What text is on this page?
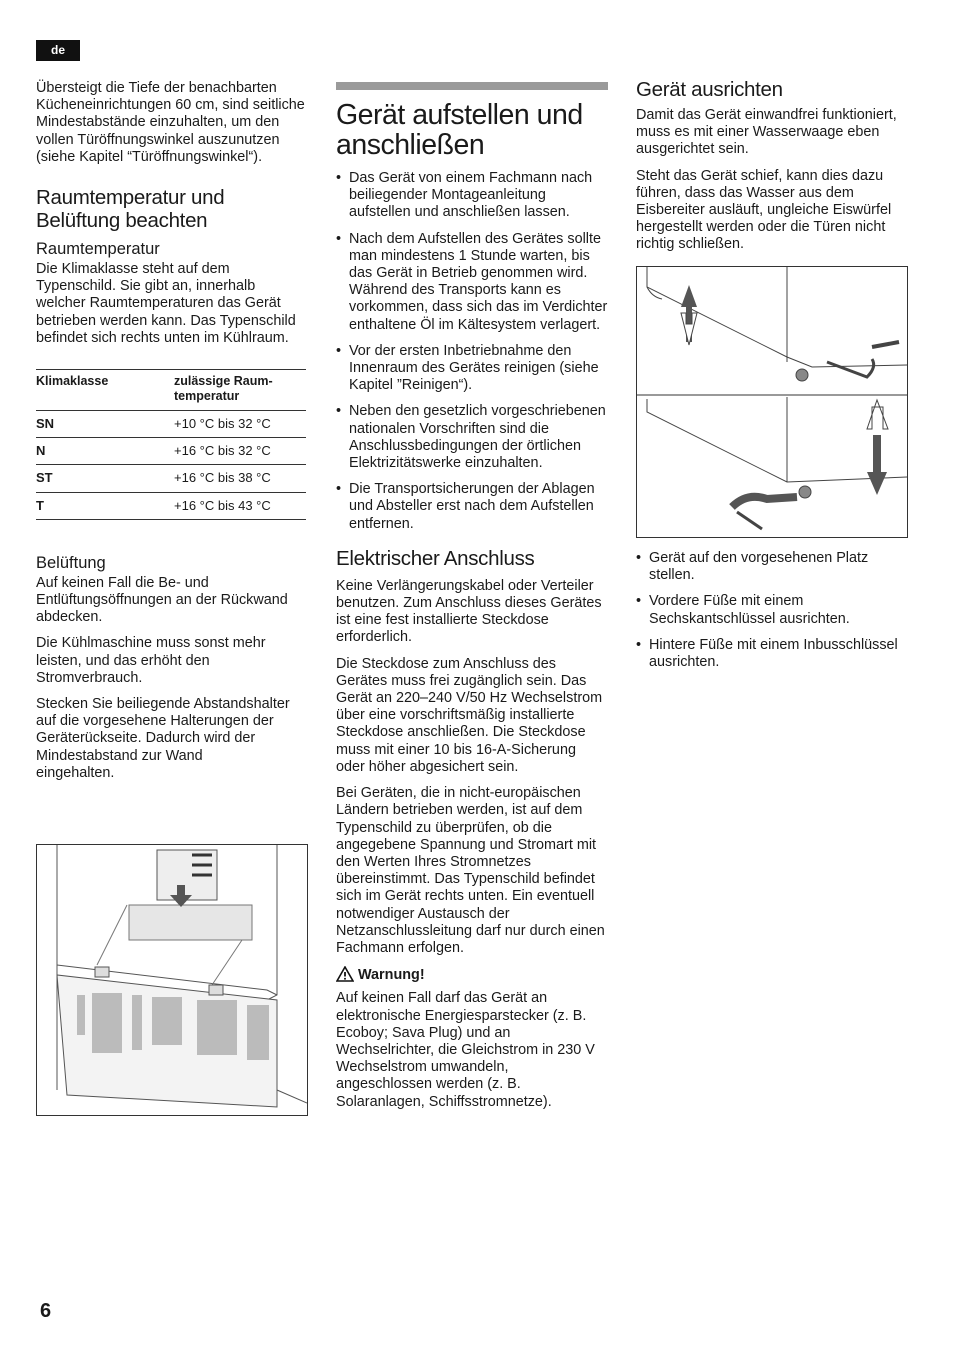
de

Übersteigt die Tiefe der benachbarten Kücheneinrichtungen 60 cm, sind seitliche Mindestabstände einzuhalten, um den vollen Türöffnungswinkel auszunutzen (siehe Kapitel “Türöffnungswinkel“).

Raumtemperatur und Belüftung beachten
Raumtemperatur

Die Klimaklasse steht auf dem Typenschild. Sie gibt an, innerhalb welcher Raumtemperaturen das Gerät betrieben werden kann. Das Typenschild befindet sich rechts unten im Kühlraum.

Klimaklasse	zulässige Raum-
temperatur
SN	+10 °C bis 32 °C
N	+16 °C bis 32 °C
ST	+16 °C bis 38 °C
T	+16 °C bis 43 °C
Belüftung

Auf keinen Fall die Be- und Entlüftungsöffnungen an der Rückwand abdecken.

Die Kühlmaschine muss sonst mehr leisten, und das erhöht den Stromverbrauch.

Stecken Sie beiliegende Abstandshalter auf die vorgesehene Halterungen der Geräterückseite. Dadurch wird der Mindestabstand zur Wand
eingehalten.

Gerät aufstellen und
anschließen
• Das Gerät von einem Fachmann nach beiliegender Montageanleitung aufstellen und anschließen lassen.
• Nach dem Aufstellen des Gerätes sollte man mindestens 1 Stunde warten, bis das Gerät in Betrieb genommen wird. Während des Transports kann es vorkommen, dass sich das im Verdichter enthaltene Öl im Kältesystem verlagert.
• Vor der ersten Inbetriebnahme den Innenraum des Gerätes reinigen (siehe Kapitel ”Reinigen“).
• Neben den gesetzlich vorgeschriebenen nationalen Vorschriften sind die Anschlussbedingungen der örtlichen Elektrizitätswerke einzuhalten.
• Die Transportsicherungen der Ablagen und Absteller erst nach dem Aufstellen entfernen.
Elektrischer Anschluss

Keine Verlängerungskabel oder Verteiler benutzen. Zum Anschluss dieses Gerätes ist eine fest installierte Steckdose erforderlich.

Die Steckdose zum Anschluss des Gerätes muss frei zugänglich sein. Das Gerät an 220–240 V/50 Hz Wechselstrom über eine vorschriftsmäßig installierte Steckdose anschließen. Die Steckdose muss mit einer 10 bis 16-A-Sicherung oder höher abgesichert sein.

Bei Geräten, die in nicht-europäischen Ländern betrieben werden, ist auf dem Typenschild zu überprüfen, ob die angegebene Spannung und Stromart mit den Werten Ihres Stromnetzes übereinstimmt. Das Typenschild befindet sich im Gerät rechts unten. Ein eventuell notwendiger Austausch der Netzanschlussleitung darf nur durch einen Fachmann erfolgen.

Warnung!

Auf keinen Fall darf das Gerät an elektronische Energiesparstecker (z. B. Ecoboy; Sava Plug) und an Wechselrichter, die Gleichstrom in 230 V Wechselstrom umwandeln, angeschlossen werden (z. B. Solaranlagen, Schiffsstromnetze).

Gerät ausrichten

Damit das Gerät einwandfrei funktioniert, muss es mit einer Wasserwaage eben ausgerichtet sein.

Steht das Gerät schief, kann dies dazu führen, dass das Wasser aus dem Eisbereiter ausläuft, ungleiche Eiswürfel hergestellt werden oder die Türen nicht richtig schließen.

• Gerät auf den vorgesehenen Platz stellen.
• Vordere Füße mit einem Sechskantschlüssel ausrichten.
• Hintere Füße mit einem Inbusschlüssel ausrichten.
6
